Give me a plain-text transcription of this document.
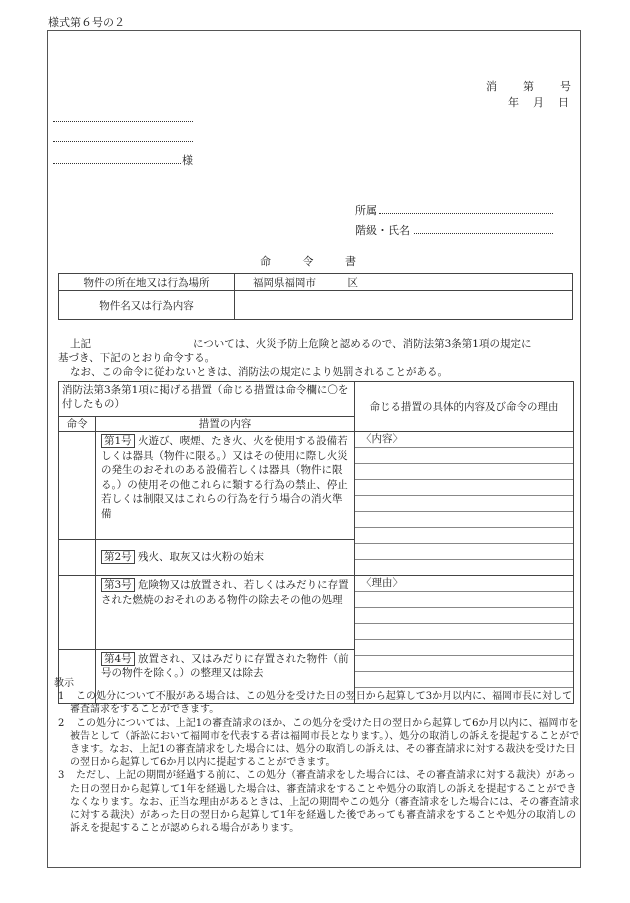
様式第６号の２
消 第 号
年 月 日
様
所属
階級・氏名
命 令 書
物件の所在地又は行為場所	福岡県福岡市　　　区
物件名又は行為内容	

上記	については、火災予防上危険と認めるので、消防法第3条第1項の規定に

基づき、下記のとおり命令する。

なお、この命令に従わないときは、消防法の規定により処罰されることがある。

消防法第3条第1項に掲げる措置（命じる措置は命令欄に〇を付したもの）		命じる措置の具体的内容及び命令の理由
命令	措置の内容	
	第1号 火遊び、喫煙、たき火、火を使用する設備若しくは器具（物件に限る。）又はその使用に際し火災の発生のおそれのある設備若しくは器具（物件に限る。）の使用その他これらに類する行為の禁止、停止若しくは制限又はこれらの行為を行う場合の消火準備	〈内容〉

	第2号 残火、取灰又は火粉の始末	
	第3号 危険物又は放置され、若しくはみだりに存置された燃焼のおそれのある物件の除去その他の処理	〈理由〉

	第4号 放置され、又はみだりに存置された物件（前号の物件を除く。）の整理又は除去	

教示

1 この処分について不服がある場合は、この処分を受けた日の翌日から起算して3か月以内に、福岡市長に対して審査請求をすることができます。

2 この処分については、上記1の審査請求のほか、この処分を受けた日の翌日から起算して6か月以内に、福岡市を被告として（訴訟において福岡市を代表する者は福岡市長となります。）、処分の取消しの訴えを提起することができます。なお、上記1の審査請求をした場合には、処分の取消しの訴えは、その審査請求に対する裁決を受けた日の翌日から起算して6か月以内に提起することができます。

3 ただし、上記の期間が経過する前に、この処分（審査請求をした場合には、その審査請求に対する裁決）があった日の翌日から起算して1年を経過した場合は、審査請求をすることや処分の取消しの訴えを提起することができなくなります。なお、正当な理由があるときは、上記の期間やこの処分（審査請求をした場合には、その審査請求に対する裁決）があった日の翌日から起算して1年を経過した後であっても審査請求をすることや処分の取消しの訴えを提起することが認められる場合があります。
